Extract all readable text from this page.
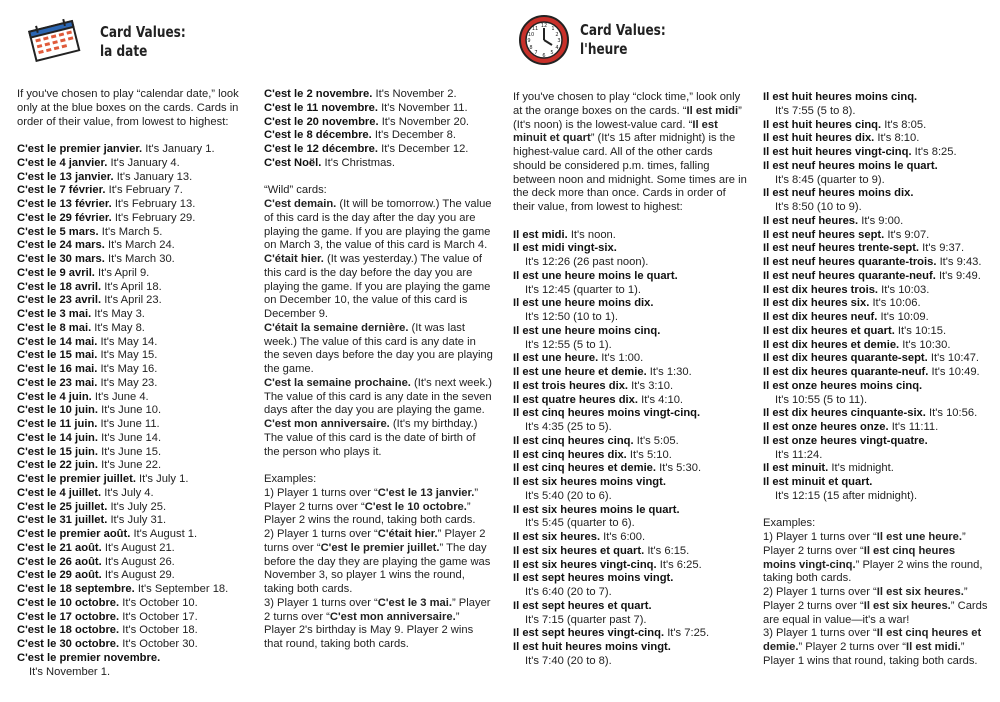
Card Values:
la date
12 1
2
3
4
5
6
7
8
9
10
11	Card Values:
l'heure

If you've chosen to play “calendar date,” look

only at the blue boxes on the cards. Cards in

order of their value, from lowest to highest:

C'est le premier janvier. It's January 1.

C'est le 4 janvier. It's January 4.

C'est le 13 janvier. It's January 13.

C'est le 7 février. It's February 7.

C'est le 13 février. It's February 13.

C'est le 29 février. It's February 29.

C'est le 5 mars. It's March 5.

C'est le 24 mars. It's March 24.

C'est le 30 mars. It's March 30.

C'est le 9 avril. It's April 9.

C'est le 18 avril. It's April 18.

C'est le 23 avril. It's April 23.

C'est le 3 mai. It's May 3.

C'est le 8 mai. It's May 8.

C'est le 14 mai. It's May 14.

C'est le 15 mai. It's May 15.

C'est le 16 mai. It's May 16.

C'est le 23 mai. It's May 23.

C'est le 4 juin. It's June 4.

C'est le 10 juin. It's June 10.

C'est le 11 juin. It's June 11.

C'est le 14 juin. It's June 14.

C'est le 15 juin. It's June 15.

C'est le 22 juin. It's June 22.

C'est le premier juillet. It's July 1.

C'est le 4 juillet. It's July 4.

C'est le 25 juillet. It's July 25.

C'est le 31 juillet. It's July 31.

C'est le premier août. It's August 1.

C'est le 21 août. It's August 21.

C'est le 26 août. It's August 26.

C'est le 29 août. It's August 29.

C'est le 18 septembre. It's September 18.

C'est le 10 octobre. It's October 10.

C'est le 17 octobre. It's October 17.

C'est le 18 octobre. It's October 18.

C'est le 30 octobre. It's October 30.

C'est le premier novembre.

It's November 1.

C'est le 2 novembre. It's November 2.

C'est le 11 novembre. It's November 11.

C'est le 20 novembre. It's November 20.

C'est le 8 décembre. It's December 8.

C'est le 12 décembre. It's December 12.

C'est Noël. It's Christmas.

“Wild” cards:

C'est demain. (It will be tomorrow.) The value of this card is the day after the day you are playing the game. If you are playing the game on March 3, the value of this card is March 4.

C'était hier. (It was yesterday.) The value of this card is the day before the day you are playing the game. If you are playing the game on December 10, the value of this card is December 9.

C'était la semaine dernière. (It was last week.) The value of this card is any date in the seven days before the day you are playing the game.

C'est la semaine prochaine. (It's next week.) The value of this card is any date in the seven days after the day you are playing the game.

C'est mon anniversaire. (It's my birthday.) The value of this card is the date of birth of the person who plays it.

Examples:

1) Player 1 turns over “C'est le 13 janvier.” Player 2 turns over “C'est le 10 octobre.” Player 2 wins the round, taking both cards.

2) Player 1 turns over “C'était hier.” Player 2 turns over “C'est le premier juillet.” The day before the day they are playing the game was November 3, so player 1 wins the round, taking both cards.

3) Player 1 turns over “C'est le 3 mai.” Player 2 turns over “C'est mon anniversaire.” Player 2's birthday is May 9. Player 2 wins that round, taking both cards.

If you've chosen to play “clock time,” look only at the orange boxes on the cards. “Il est midi” (It's noon) is the lowest-value card. “Il est minuit et quart” (It's 15 after midnight) is the highest-value card. All of the other cards should be considered p.m. times, falling between noon and midnight. Some times are in the deck more than once. Cards in order of their value, from lowest to highest:

Il est midi. It's noon.

Il est midi vingt-six.

It's 12:26 (26 past noon).

Il est une heure moins le quart.

It's 12:45 (quarter to 1).

Il est une heure moins dix.

It's 12:50 (10 to 1).

Il est une heure moins cinq.

It's 12:55 (5 to 1).

Il est une heure. It's 1:00.

Il est une heure et demie. It's 1:30.

Il est trois heures dix. It's 3:10.

Il est quatre heures dix. It's 4:10.

Il est cinq heures moins vingt-cinq.

It's 4:35 (25 to 5).

Il est cinq heures cinq. It's 5:05.

Il est cinq heures dix. It's 5:10.

Il est cinq heures et demie. It's 5:30.

Il est six heures moins vingt.

It's 5:40 (20 to 6).

Il est six heures moins le quart.

It's 5:45 (quarter to 6).

Il est six heures. It's 6:00.

Il est six heures et quart. It's 6:15.

Il est six heures vingt-cinq. It's 6:25.

Il est sept heures moins vingt.

It's 6:40 (20 to 7).

Il est sept heures et quart.

It's 7:15 (quarter past 7).

Il est sept heures vingt-cinq. It's 7:25.

Il est huit heures moins vingt.

It's 7:40 (20 to 8).

Il est huit heures moins cinq.

It's 7:55 (5 to 8).

Il est huit heures cinq. It's 8:05.

Il est huit heures dix. It's 8:10.

Il est huit heures vingt-cinq. It's 8:25.

Il est neuf heures moins le quart.

It's 8:45 (quarter to 9).

Il est neuf heures moins dix.

It's 8:50 (10 to 9).

Il est neuf heures. It's 9:00.

Il est neuf heures sept. It's 9:07.

Il est neuf heures trente-sept. It's 9:37.

Il est neuf heures quarante-trois. It's 9:43.

Il est neuf heures quarante-neuf. It's 9:49.

Il est dix heures trois. It's 10:03.

Il est dix heures six. It's 10:06.

Il est dix heures neuf. It's 10:09.

Il est dix heures et quart. It's 10:15.

Il est dix heures et demie. It's 10:30.

Il est dix heures quarante-sept. It's 10:47.

Il est dix heures quarante-neuf. It's 10:49.

Il est onze heures moins cinq.

It's 10:55 (5 to 11).

Il est dix heures cinquante-six. It's 10:56.

Il est onze heures onze. It's 11:11.

Il est onze heures vingt-quatre.

It's 11:24.

Il est minuit. It's midnight.

Il est minuit et quart.

It's 12:15 (15 after midnight).

Examples:

1) Player 1 turns over “Il est une heure.” Player 2 turns over “Il est cinq heures moins vingt-cinq.” Player 2 wins the round, taking both cards.

2) Player 1 turns over “Il est six heures.” Player 2 turns over “Il est six heures.” Cards are equal in value—it's a war!

3) Player 1 turns over “Il est cinq heures et demie.” Player 2 turns over “Il est midi.” Player 1 wins that round, taking both cards.
